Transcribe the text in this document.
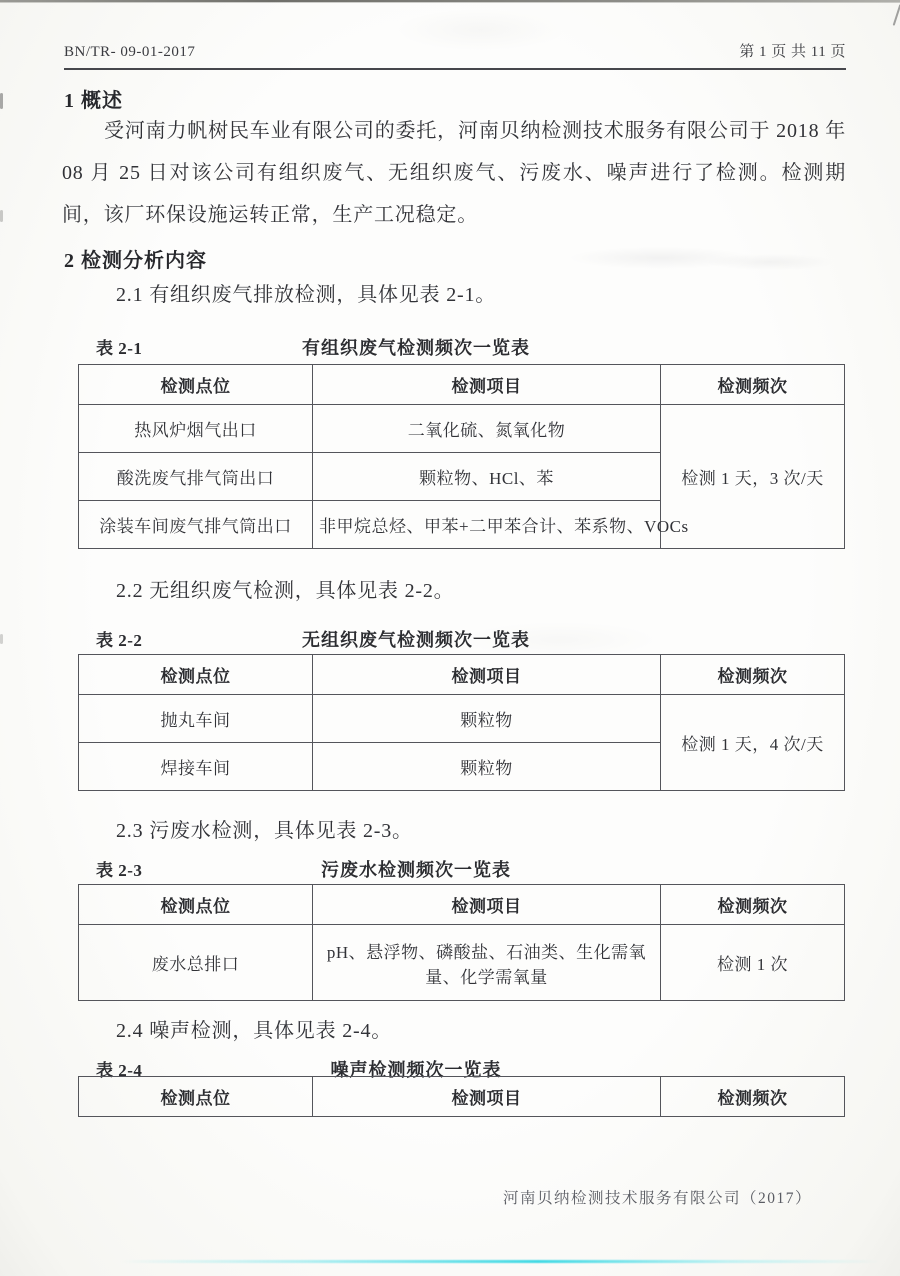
BN/TR- 09-01-2017	第 1 页 共 11 页
1 概述
受河南力帆树民车业有限公司的委托，河南贝纳检测技术服务有限公司于 2018 年 08 月 25 日对该公司有组织废气、无组织废气、污废水、噪声进行了检测。检测期间，该厂环保设施运转正常，生产工况稳定。
2 检测分析内容
2.1 有组织废气排放检测，具体见表 2-1。
表 2-1	有组织废气检测频次一览表
检测点位	检测项目	检测频次
热风炉烟气出口	二氧化硫、氮氧化物	检测 1 天，3 次/天
酸洗废气排气筒出口	颗粒物、HCl、苯	
涂装车间废气排气筒出口	非甲烷总烃、甲苯+二甲苯合计、苯系物、VOCs	
2.2 无组织废气检测，具体见表 2-2。
表 2-2	无组织废气检测频次一览表
检测点位	检测项目	检测频次
抛丸车间	颗粒物	检测 1 天，4 次/天
焊接车间	颗粒物	
2.3 污废水检测，具体见表 2-3。
表 2-3	污废水检测频次一览表
检测点位	检测项目	检测频次
废水总排口	pH、悬浮物、磷酸盐、石油类、生化需氧量、化学需氧量	检测 1 次
2.4 噪声检测，具体见表 2-4。
表 2-4	噪声检测频次一览表
检测点位	检测项目	检测频次
河南贝纳检测技术服务有限公司（2017）
